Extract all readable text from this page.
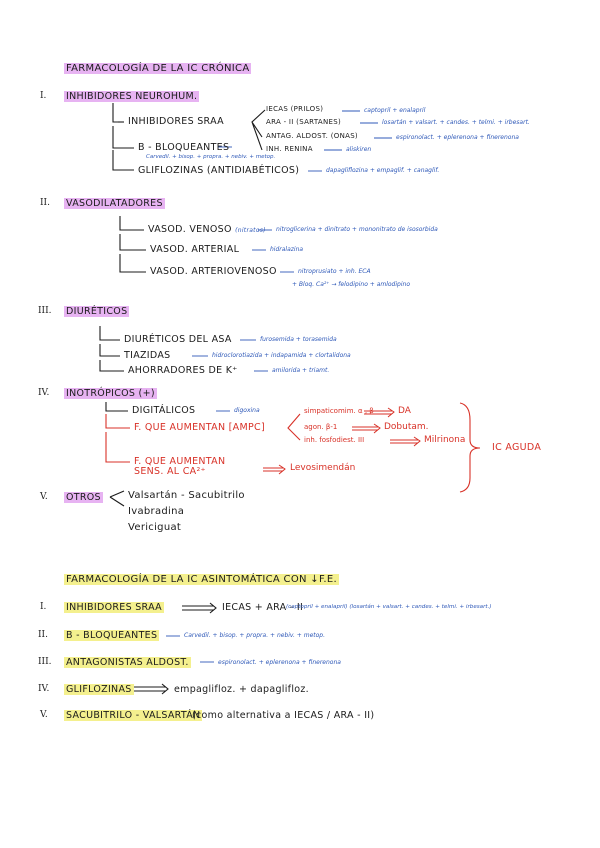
FARMACOLOGÍA DE LA IC CRÓNICA
I. INHIBIDORES NEUROHUM.
INHIBIDORES SRAA
IECAS (PRILOS)	captopril + enalapril
ARA - II (SARTANES)	losartán + valsart. + candes. + telmi. + irbesart.
ANTAG. ALDOST. (ONAS)	espironolact. + eplerenona + finerenona
INH. RENINA	aliskiren
Β - BLOQUEANTES
Carvedil. + bisop. + propra. + nebiv. + metop.
GLIFLOZINAS (ANTIDIABÉTICOS)	dapagliflozina + empaglif. + canaglif.
II. VASODILATADORES
VASOD. VENOSO (nitratos) nitroglicerina + dinitrato + mononitrato de isosorbida
VASOD. ARTERIAL	hidralazina
VASOD. ARTERIOVENOSO	nitroprusiato + inh. ECA
+ Bloq. Ca²⁺ → felodipino + amlodipino
III. DIURÉTICOS
DIURÉTICOS DEL ASA	furosemida + torasemida
TIAZIDAS	hidroclorotiazida + indapamida + clortalidona
AHORRADORES DE K⁺	amilorida + triamt.
IV. INOTRÓPICOS (+)
DIGITÁLICOS	digoxina
F. QUE AUMENTAN [AMPC]
simpaticomim. α , β	DA
agon. β-1	Dobutam.
inh. fosfodiest. III	Milrinona
F. QUE AUMENTAN
SENS. AL CA²⁺	Levosimendán
IC AGUDA
V. OTROS	Valsartán - Sacubitrilo
Ivabradina
Vericiguat
FARMACOLOGÍA DE LA IC ASINTOMÁTICA CON ↓F.E.
I. INHIBIDORES SRAA	IECAS + ARA - II
(captopril + enalapril) (losartán + valsart. + candes. + telmi. + irbesart.)
II. Β - BLOQUEANTES	Carvedil. + bisop. + propra. + nebiv. + metop.
III. ANTAGONISTAS ALDOST.	espironolact. + eplerenona + finerenona
IV. GLIFLOZINAS	empaglifloz. + dapaglifloz.
V. SACUBITRILO - VALSARTÁN
(como alternativa a IECAS / ARA - II)
